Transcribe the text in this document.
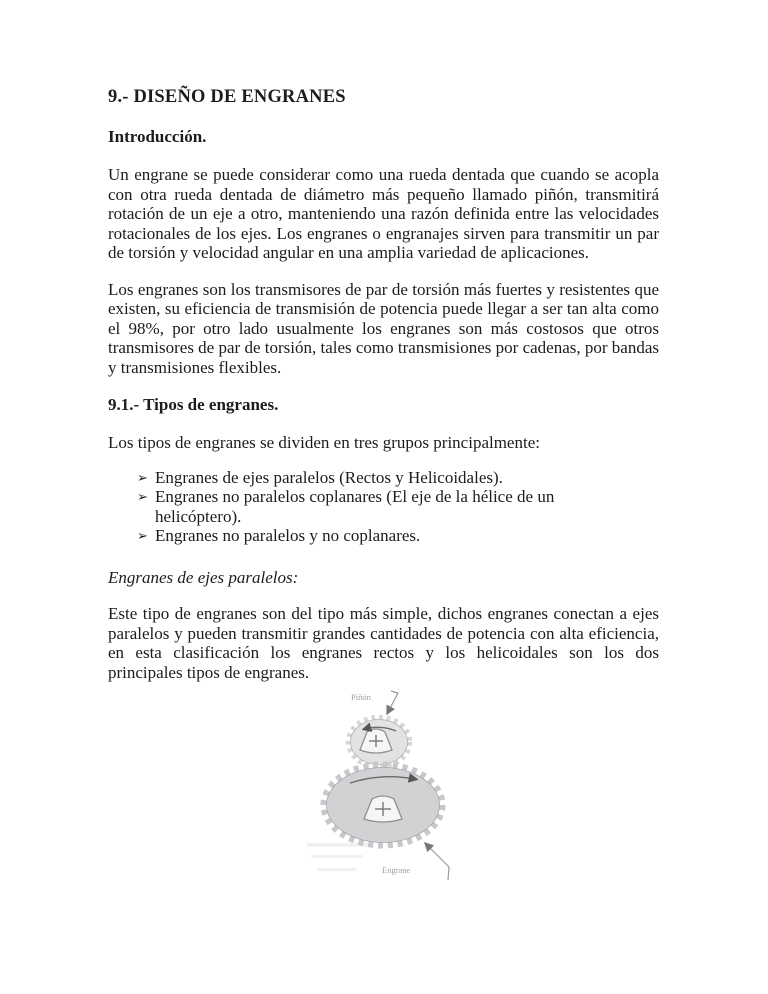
9.- DISEÑO DE ENGRANES
Introducción.

Un engrane se puede considerar como una rueda dentada que cuando se acopla con otra rueda dentada de diámetro más pequeño llamado piñón, transmitirá rotación de un eje a otro, manteniendo una razón definida entre las velocidades rotacionales de los ejes. Los engranes o engranajes sirven para transmitir un par de torsión y velocidad angular en una amplia variedad de aplicaciones.

Los engranes son los transmisores de par de torsión más fuertes y resistentes que existen, su eficiencia de transmisión de potencia puede llegar a ser tan alta como el 98%, por otro lado usualmente los engranes son más costosos que otros transmisores de par de torsión, tales como transmisiones por cadenas, por bandas y transmisiones flexibles.

9.1.- Tipos de engranes.

Los tipos de engranes se dividen en tres grupos principalmente:

➢ Engranes de ejes paralelos (Rectos y Helicoidales).
➢ Engranes no paralelos coplanares (El eje de la hélice de un helicóptero).
➢ Engranes no paralelos y no coplanares.

Engranes de ejes paralelos:

Este tipo de engranes son del tipo más simple, dichos engranes conectan a ejes paralelos y pueden transmitir grandes cantidades de potencia con alta eficiencia, en esta clasificación los engranes rectos y los helicoidales son los dos principales tipos de engranes.

Piñón
Engrane
